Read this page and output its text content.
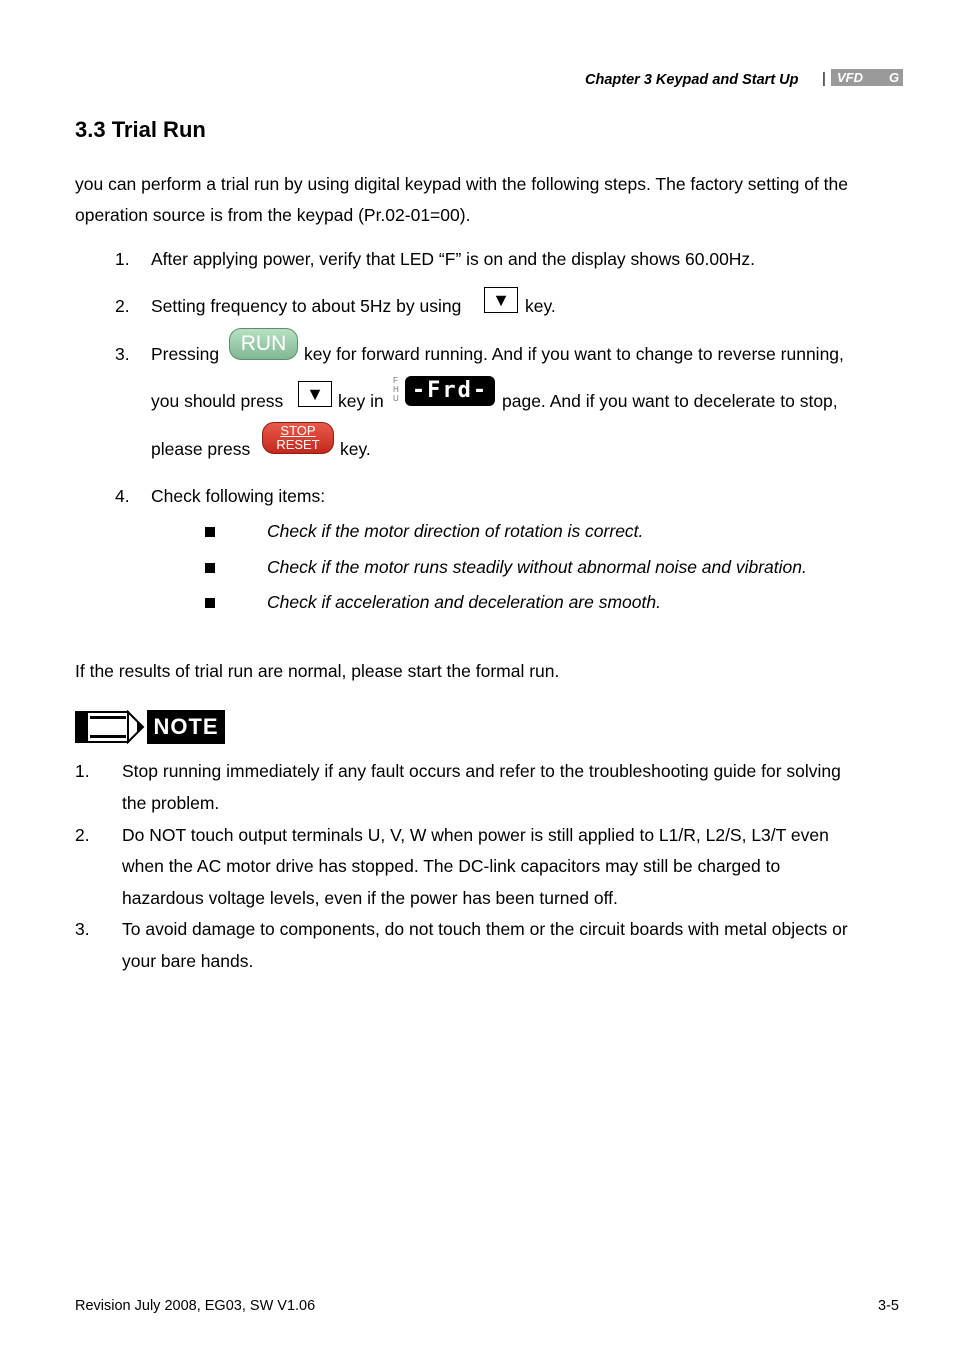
Chapter 3 Keypad and Start Up | VFD G
3.3 Trial Run
you can perform a trial run by using digital keypad with the following steps. The factory setting of the
operation source is from the keypad (Pr.02-01=00).
1. After applying power, verify that LED “F” is on and the display shows 60.00Hz.
2. Setting frequency to about 5Hz by using	▼ key.
3. Pressing	RUN	key for forward running. And if you want to change to reverse running,
you should press	▼ key in
F
H
U -Frd- page. And if you want to decelerate to stop,
please press
STOP
RESET	key.
4. Check following items:
Check if the motor direction of rotation is correct.
Check if the motor runs steadily without abnormal noise and vibration.
Check if acceleration and deceleration are smooth.
If the results of trial run are normal, please start the formal run.
NOTE
1. Stop running immediately if any fault occurs and refer to the troubleshooting guide for solving
the problem.
2. Do NOT touch output terminals U, V, W when power is still applied to L1/R, L2/S, L3/T even
when the AC motor drive has stopped. The DC-link capacitors may still be charged to
hazardous voltage levels, even if the power has been turned off.
3. To avoid damage to components, do not touch them or the circuit boards with metal objects or
your bare hands.
Revision July 2008, EG03, SW V1.06	3-5
